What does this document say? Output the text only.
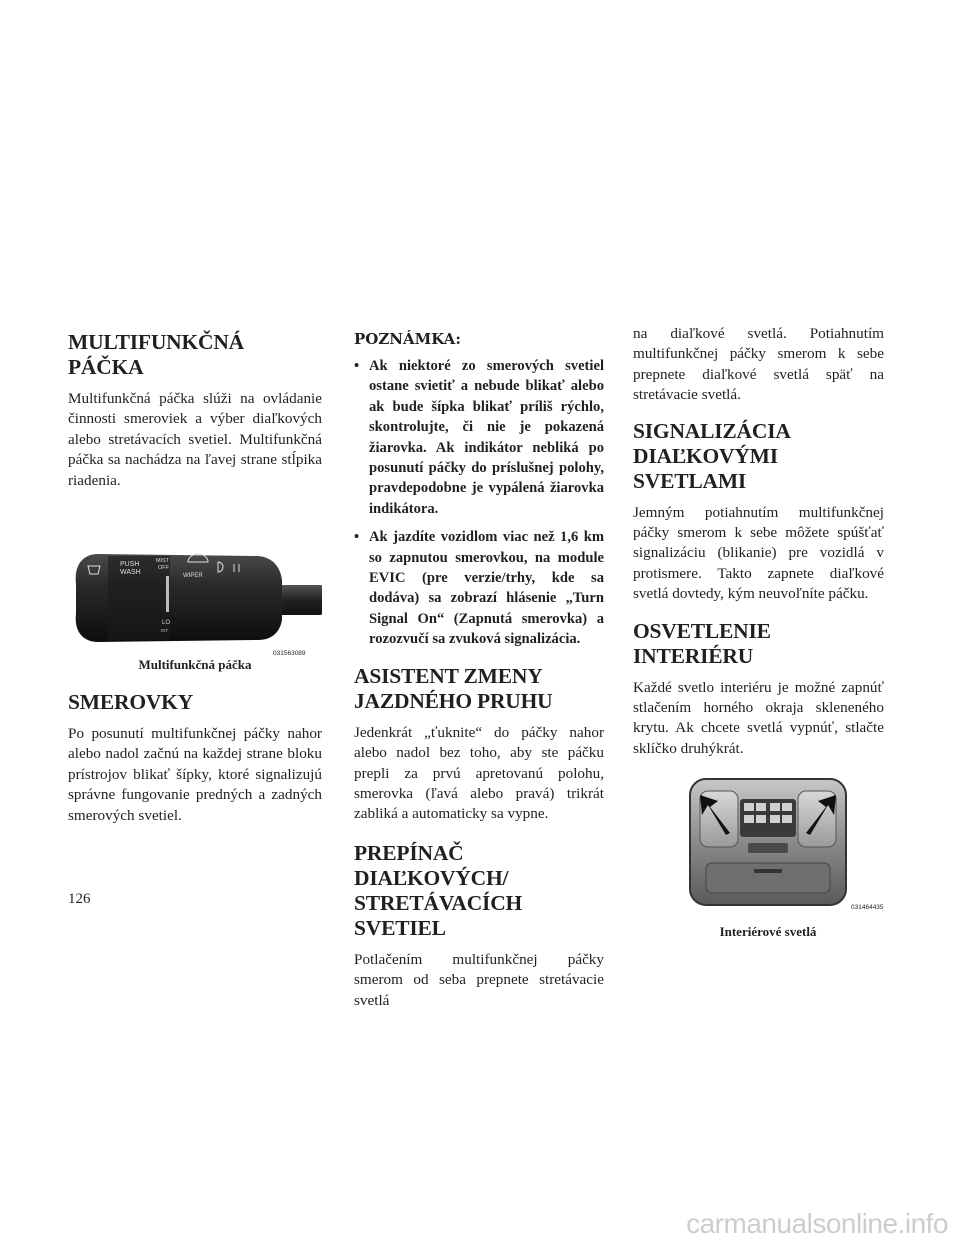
MULTIFUNKČNÁ PÁČKA

Multifunkčná páčka slúži na ovládanie činnosti smeroviek a výber diaľkových alebo stretávacích svetiel. Multifunkčná páčka sa nachádza na ľavej strane stĺpika riadenia.

PUSH
WASH
MIST
OFF
WIPER
LO
INT
031563089
Multifunkčná páčka
SMEROVKY

Po posunutí multifunkčnej páčky nahor alebo nadol začnú na každej strane bloku prístrojov blikať šípky, ktoré signalizujú správne fungovanie predných a zadných smerových svetiel.

POZNÁMKA:
• Ak niektoré zo smerových svetiel ostane svietiť a nebude blikať alebo ak bude šípka blikať príliš rýchlo, skontrolujte, či nie je pokazená žiarovka. Ak indikátor nebliká po posunutí páčky do príslušnej polohy, pravdepodobne je vypálená žiarovka indikátora.
• Ak jazdíte vozidlom viac než 1,6 km so zapnutou smerovkou, na module EVIC (pre verzie/trhy, kde sa dodáva) sa zobrazí hlásenie „Turn Signal On“ (Zapnutá smerovka) a rozozvučí sa zvuková signalizácia.
ASISTENT ZMENY JAZDNÉHO PRUHU

Jedenkrát „ťuknite“ do páčky nahor alebo nadol bez toho, aby ste páčku prepli za prvú apretovanú polohu, smerovka (ľavá alebo pravá) trikrát zabliká a automaticky sa vypne.

PREPÍNAČ DIAĽKOVÝCH/ STRETÁVACÍCH SVETIEL

Potlačením multifunkčnej páčky smerom od seba prepnete stretávacie svetlá

na diaľkové svetlá. Potiahnutím multifunkčnej páčky smerom k sebe prepnete diaľkové svetlá späť na stretávacie svetlá.

SIGNALIZÁCIA DIAĽKOVÝMI SVETLAMI

Jemným potiahnutím multifunkčnej páčky smerom k sebe môžete spúšťať signalizáciu (blikanie) pre vozidlá v protismere. Takto zapnete diaľkové svetlá dovtedy, kým neuvoľníte páčku.

OSVETLENIE INTERIÉRU

Každé svetlo interiéru je možné zapnúť stlačením horného okraja skleneného krytu. Ak chcete svetlá vypnúť, stlačte sklíčko druhýkrát.

031464435
Interiérové svetlá
126
carmanualsonline.info
